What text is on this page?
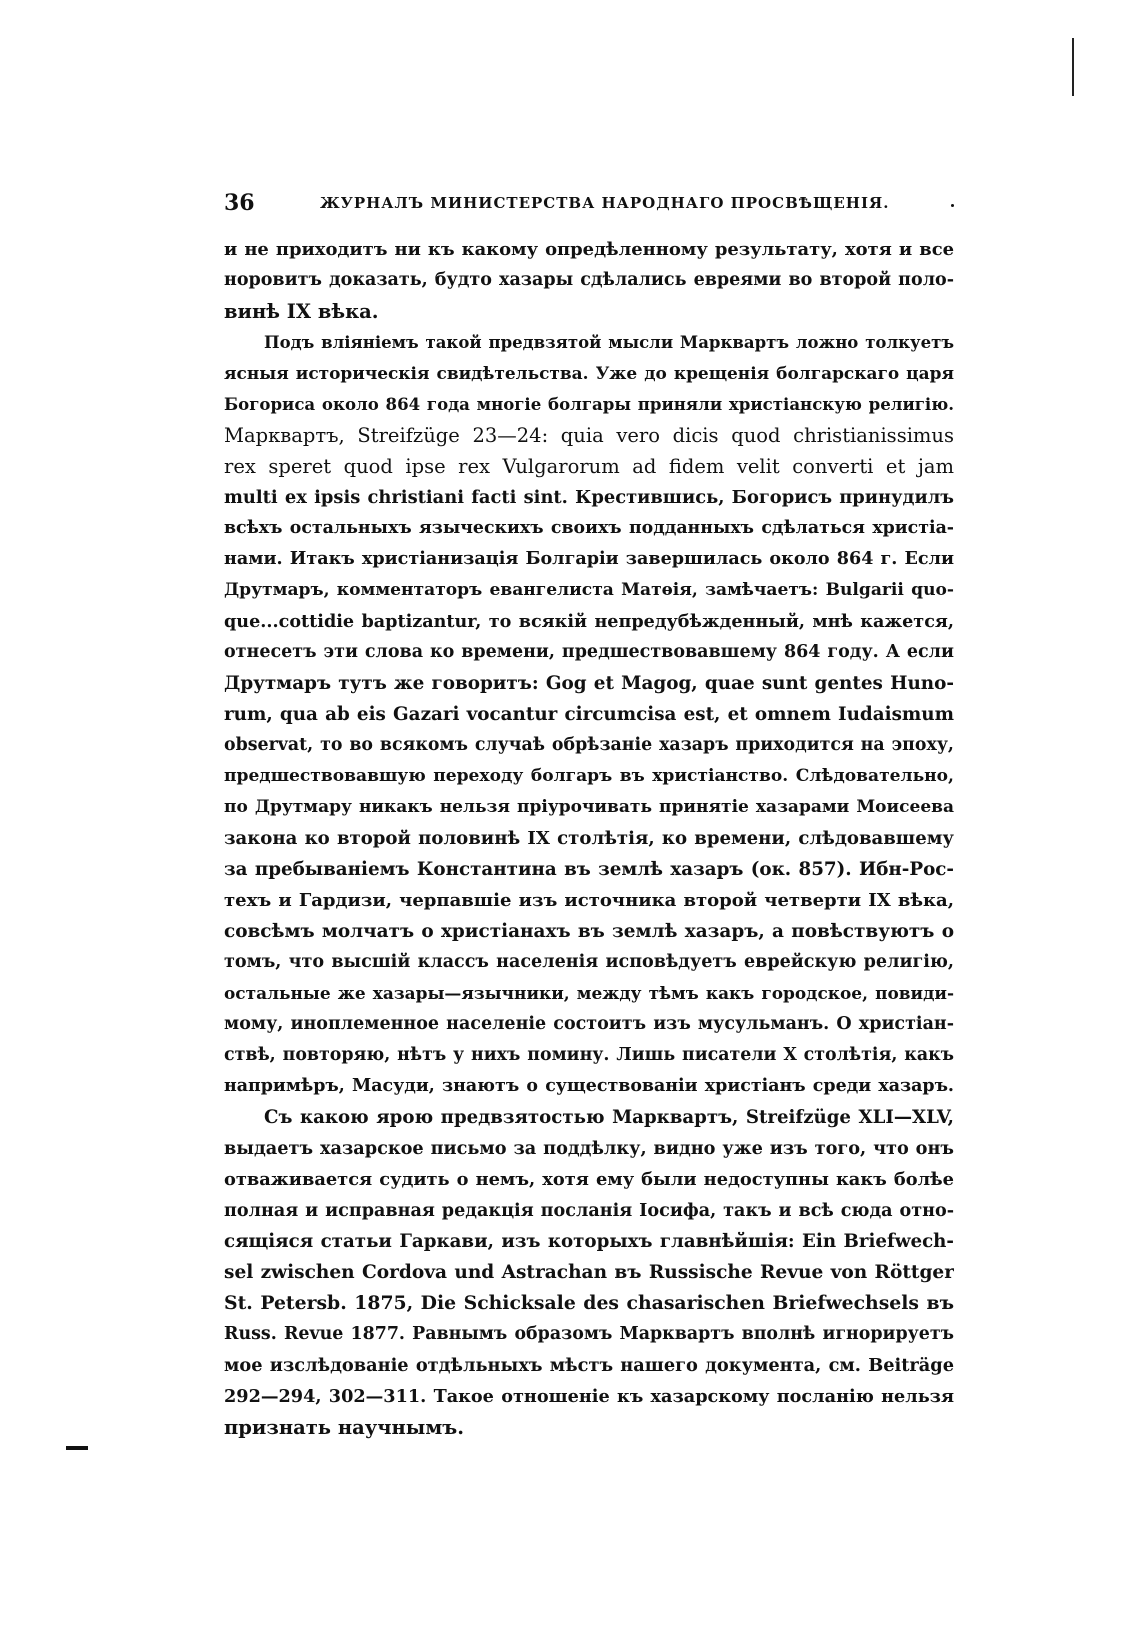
36	ЖУРНАЛЪ МИНИСТЕРСТВА НАРОДНАГО ПРОСВѢЩЕНІЯ.
и не приходитъ ни къ какому опредѣленному результату, хотя и все
норовитъ доказать, будто хазары сдѣлались евреями во второй поло-
винѣ IX вѣка.
Подъ вліяніемъ такой предвзятой мысли Марквартъ ложно толкуетъ
ясныя историческія свидѣтельства. Уже до крещенія болгарскаго царя
Богориса около 864 года многіе болгары приняли христіанскую религію.
Марквартъ, Streifzüge 23—24: quia vero dicis quod christianissimus
rex speret quod ipse rex Vulgarorum ad fidem velit converti et jam
multi ex ipsis christiani facti sint. Крестившись, Богорисъ принудилъ
всѣхъ остальныхъ языческихъ своихъ подданныхъ сдѣлаться христіа-
нами. Итакъ христіанизація Болгаріи завершилась около 864 г. Если
Друтмаръ, комментаторъ евангелиста Матѳія, замѣчаетъ: Bulgarii quo-
que...cottidie baptizantur, то всякій непредубѣжденный, мнѣ кажется,
отнесетъ эти слова ко времени, предшествовавшему 864 году. А если
Друтмаръ тутъ же говоритъ: Gog et Magog, quae sunt gentes Huno-
rum, qua ab eis Gazari vocantur circumcisa est, et omnem Iudaismum
observat, то во всякомъ случаѣ обрѣзаніе хазаръ приходится на эпоху,
предшествовавшую переходу болгаръ въ христіанство. Слѣдовательно,
по Друтмару никакъ нельзя пріурочивать принятіе хазарами Моисеева
закона ко второй половинѣ IX столѣтія, ко времени, слѣдовавшему
за пребываніемъ Константина въ землѣ хазаръ (ок. 857). Ибн-Рос-
техъ и Гардизи, черпавшіе изъ источника второй четверти IX вѣка,
совсѣмъ молчатъ о христіанахъ въ землѣ хазаръ, а повѣствуютъ о
томъ, что высшій классъ населенія исповѣдуетъ еврейскую религію,
остальные же хазары—язычники, между тѣмъ какъ городское, повиди-
мому, иноплеменное населеніе состоитъ изъ мусульманъ. О христіан-
ствѣ, повторяю, нѣтъ у нихъ помину. Лишь писатели X столѣтія, какъ
напримѣръ, Масуди, знаютъ о существованіи христіанъ среди хазаръ.
Съ какою ярою предвзятостью Марквартъ, Streifzüge XLI—XLV,
выдаетъ хазарское письмо за поддѣлку, видно уже изъ того, что онъ
отваживается судить о немъ, хотя ему были недоступны какъ болѣе
полная и исправная редакція посланія Іосифа, такъ и всѣ сюда отно-
сящіяся статьи Гаркави, изъ которыхъ главнѣйшія: Ein Briefwech-
sel zwischen Cordova und Astrachan въ Russische Revue von Röttger
St. Petersb. 1875, Die Schicksale des chasarischen Briefwechsels въ
Russ. Revue 1877. Равнымъ образомъ Марквартъ вполнѣ игнорируетъ
мое изслѣдованіе отдѣльныхъ мѣстъ нашего документа, см. Beiträge
292—294, 302—311. Такое отношеніе къ хазарскому посланію нельзя
признать научнымъ.
